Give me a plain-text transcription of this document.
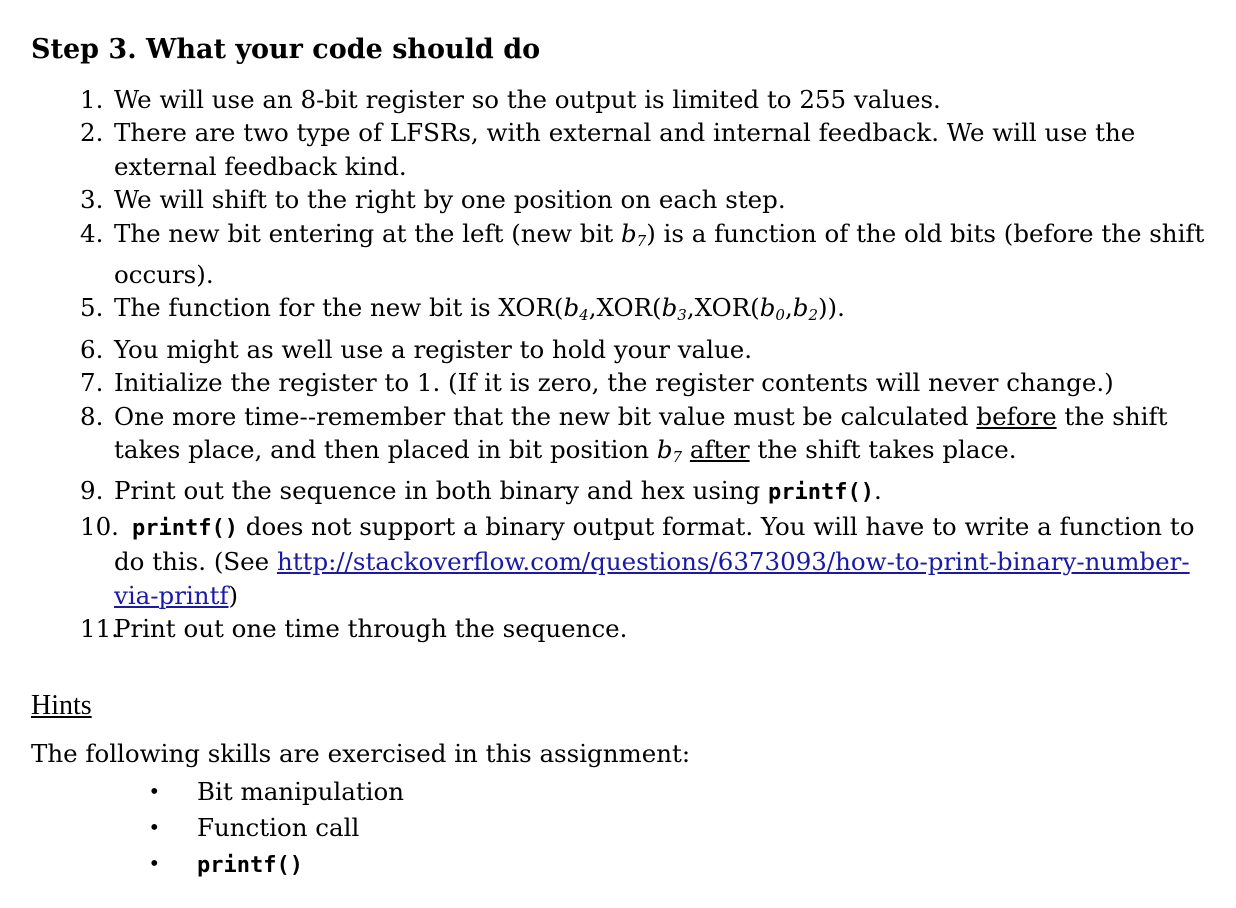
Step 3. What your code should do
1. We will use an 8-bit register so the output is limited to 255 values.
2. There are two type of LFSRs, with external and internal feedback. We will use the external feedback kind.
3. We will shift to the right by one position on each step.
4. The new bit entering at the left (new bit $b_7$) is a function of the old bits (before the shift occurs).
5. The function for the new bit is $XOR(b_4,XOR(b_3,XOR(b_0,b_2))$.
6. You might as well use a register to hold your value.
7. Initialize the register to 1. (If it is zero, the register contents will never change.)
8. One more time--remember that the new bit value must be calculated before the shift takes place, and then placed in bit position $b_7$ after the shift takes place.
9. Print out the sequence in both binary and hex using printf().
10. printf() does not support a binary output format. You will have to write a function to do this. (See http://stackoverflow.com/questions/6373093/how-to-print-binary-number-via-printf)
11.
Print out one time through the sequence.
Hints
The following skills are exercised in this assignment:
• Bit manipulation
• Function call
• printf()
